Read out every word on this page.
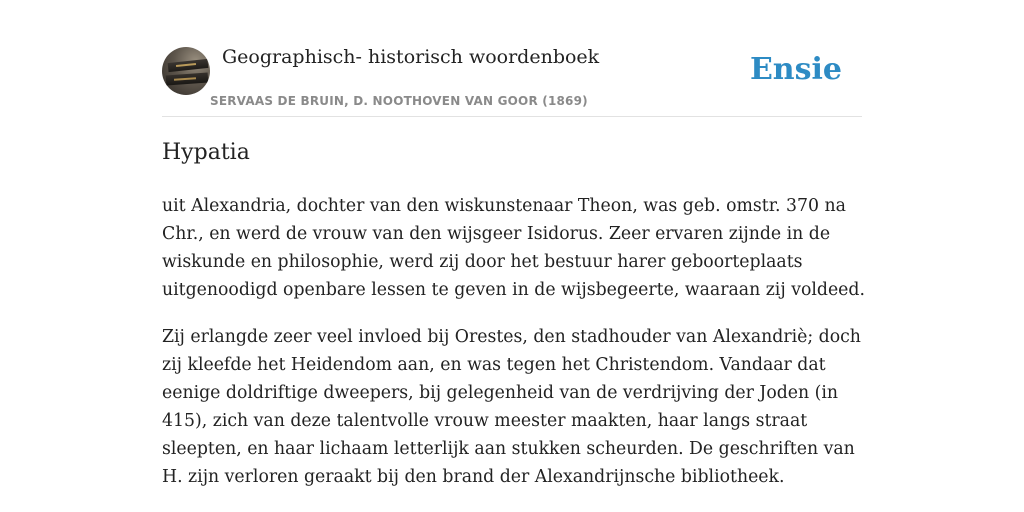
Geographisch- historisch woordenboek
SERVAAS DE BRUIN, D. NOOTHOVEN VAN GOOR (1869)
Ensie
Hypatia

uit Alexandria, dochter van den wiskunstenaar Theon, was geb. omstr. 370 na Chr., en werd de vrouw van den wijsgeer Isidorus. Zeer ervaren zijnde in de wiskunde en philosophie, werd zij door het bestuur harer geboorteplaats uitgenoodigd openbare lessen te geven in de wijsbegeerte, waaraan zij voldeed.

Zij erlangde zeer veel invloed bij Orestes, den stadhouder van Alexandriè; doch zij kleefde het Heidendom aan, en was tegen het Christendom. Vandaar dat eenige doldriftige dweepers, bij gelegenheid van de verdrijving der Joden (in 415), zich van deze talentvolle vrouw meester maakten, haar langs straat sleepten, en haar lichaam letterlijk aan stukken scheurden. De geschriften van H. zijn verloren geraakt bij den brand der Alexandrijnsche bibliotheek.
